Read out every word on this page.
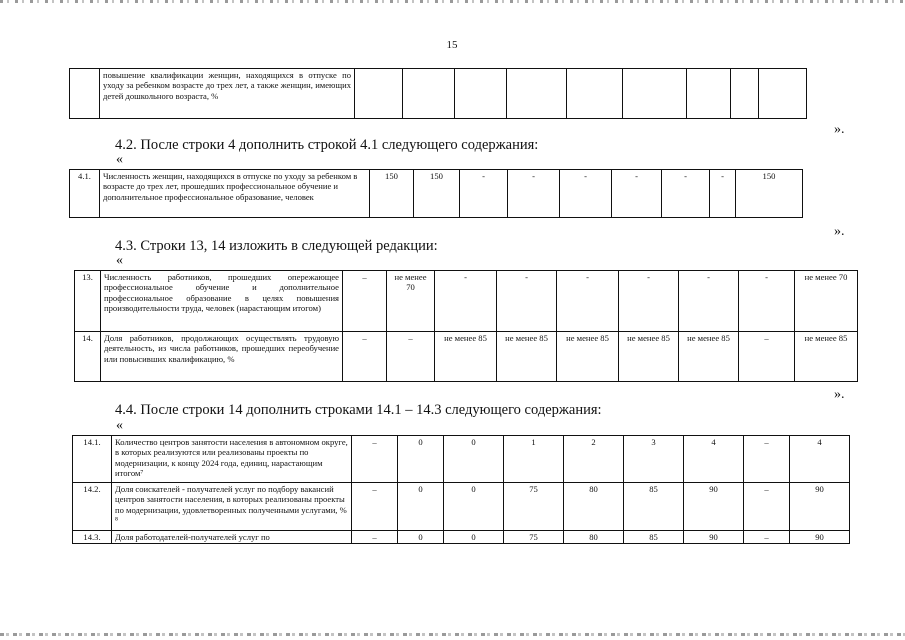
15
	повышение квалификации женщин, находящихся в отпуске по уходу за ребенком возрасте до трех лет, а также женщин, имеющих детей дошкольного возраста, %									
».
4.2. После строки 4 дополнить строкой 4.1 следующего содержания:
«
4.1.	Численность женщин, находящихся в отпуске по уходу за ребенком в возрасте до трех лет, прошедших профессиональное обучение и дополнительное профессиональное образование, человек	150	150	-	-	-	-	-	-	150
».
4.3. Строки 13, 14 изложить в следующей редакции:
«
13.	Численность работников, прошедших опережающее профессиональное обучение и дополнительное профессиональное образование в целях повышения производительности труда, человек (нарастающим итогом)	–	не менее 70	-	-	-	-	-	-	не менее 70
14.	Доля работников, продолжающих осуществлять трудовую деятельность, из числа работников, прошедших переобучение или повысивших квалификацию, %	–	–	не менее 85	не менее 85	не менее 85	не менее 85	не менее 85	–	не менее 85
».
4.4. После строки 14 дополнить строками 14.1 – 14.3 следующего содержания:
«
14.1.	Количество центров занятости населения в автономном округе, в которых реализуются или реализованы проекты по модернизации, к концу 2024 года, единиц, нарастающим итогом⁷	–	0	0	1	2	3	4	–	4
14.2.	Доля соискателей - получателей услуг по подбору вакансий центров занятости населения, в которых реализованы проекты по модернизации, удовлетворенных полученными услугами, % ⁸	–	0	0	75	80	85	90	–	90
14.3.	Доля работодателей-получателей услуг по	–	0	0	75	80	85	90	–	90
